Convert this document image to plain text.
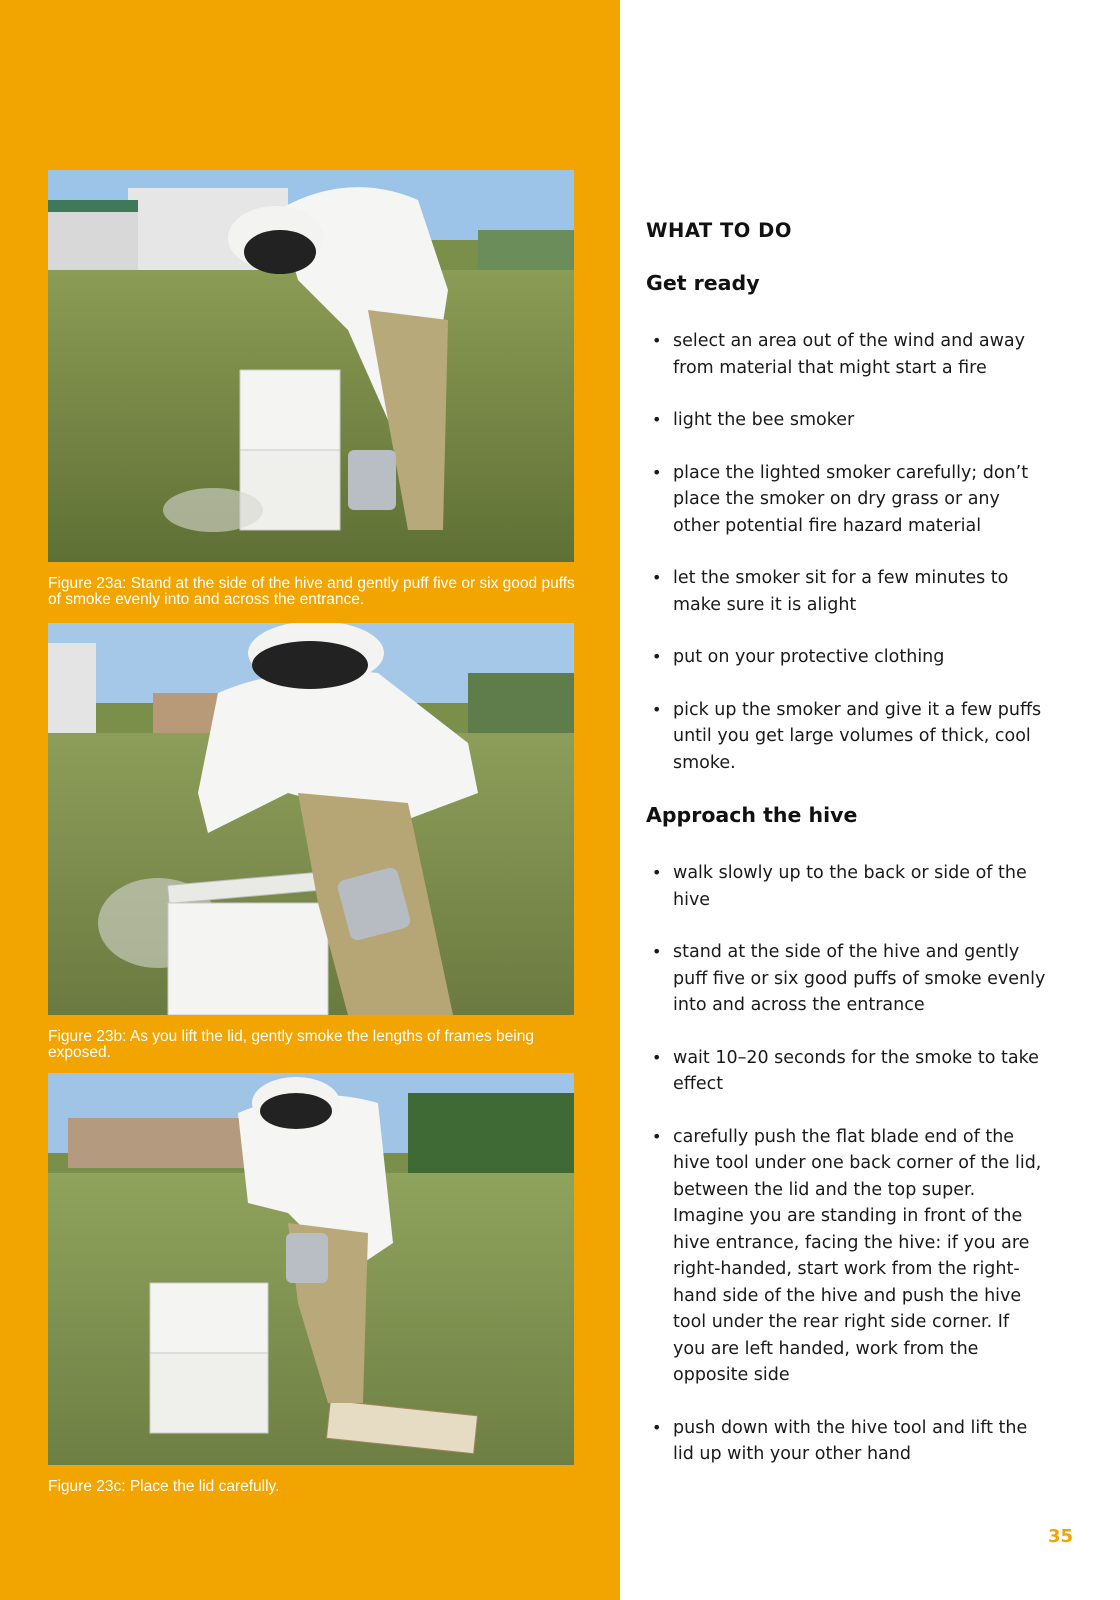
Figure 23a: Stand at the side of the hive and gently puff five or six good puffs of smoke evenly into and across the entrance.
Figure 23b: As you lift the lid, gently smoke the lengths of frames being exposed.
Figure 23c: Place the lid carefully.
WHAT TO DO
Get ready
• select an area out of the wind and away from material that might start a fire
• light the bee smoker
• place the lighted smoker carefully; don’t place the smoker on dry grass or any other potential fire hazard material
• let the smoker sit for a few minutes to make sure it is alight
• put on your protective clothing
• pick up the smoker and give it a few puffs until you get large volumes of thick, cool smoke.
Approach the hive
• walk slowly up to the back or side of the hive
• stand at the side of the hive and gently puff five or six good puffs of smoke evenly into and across the entrance
• wait 10–20 seconds for the smoke to take effect
• carefully push the flat blade end of the hive tool under one back corner of the lid, between the lid and the top super. Imagine you are standing in front of the hive entrance, facing the hive: if you are right-handed, start work from the right-hand side of the hive and push the hive tool under the rear right side corner. If you are left handed, work from the opposite side
• push down with the hive tool and lift the lid up with your other hand
35
